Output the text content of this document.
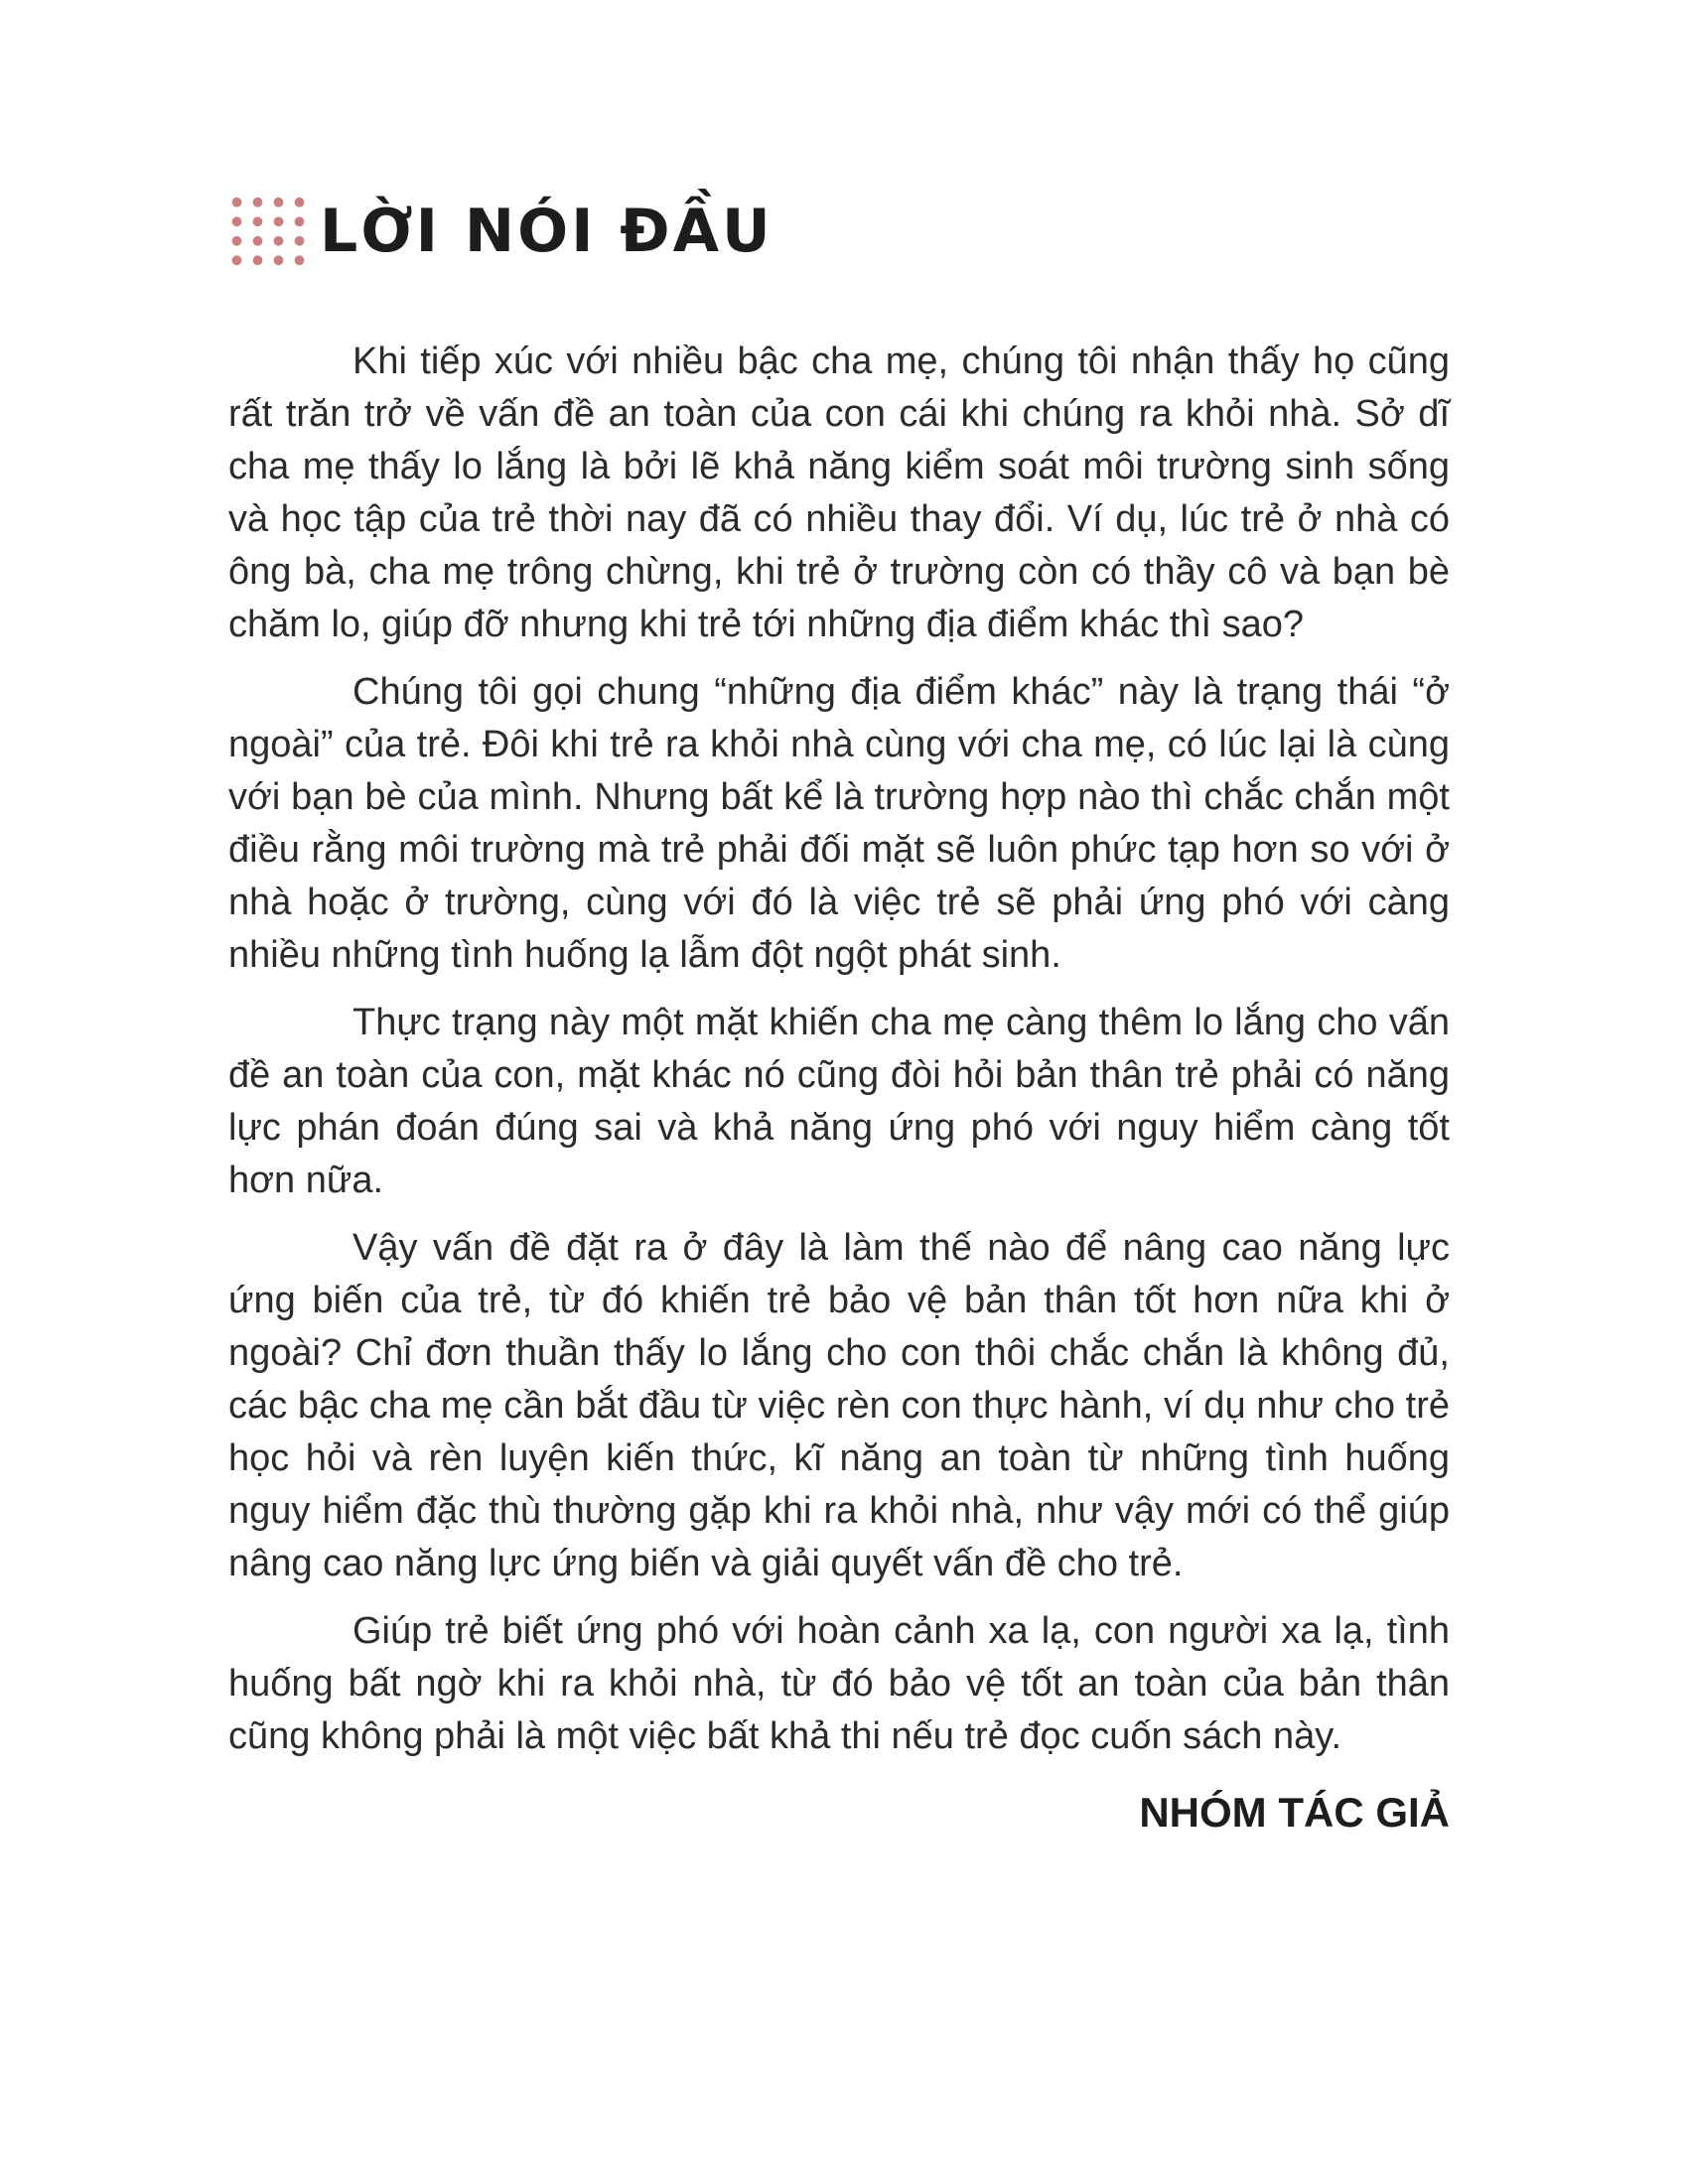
LỜI NÓI ĐẦU

Khi tiếp xúc với nhiều bậc cha mẹ, chúng tôi nhận thấy họ cũng rất trăn trở về vấn đề an toàn của con cái khi chúng ra khỏi nhà. Sở dĩ cha mẹ thấy lo lắng là bởi lẽ khả năng kiểm soát môi trường sinh sống và học tập của trẻ thời nay đã có nhiều thay đổi. Ví dụ, lúc trẻ ở nhà có ông bà, cha mẹ trông chừng, khi trẻ ở trường còn có thầy cô và bạn bè chăm lo, giúp đỡ nhưng khi trẻ tới những địa điểm khác thì sao?

Chúng tôi gọi chung “những địa điểm khác” này là trạng thái “ở ngoài” của trẻ. Đôi khi trẻ ra khỏi nhà cùng với cha mẹ, có lúc lại là cùng với bạn bè của mình. Nhưng bất kể là trường hợp nào thì chắc chắn một điều rằng môi trường mà trẻ phải đối mặt sẽ luôn phức tạp hơn so với ở nhà hoặc ở trường, cùng với đó là việc trẻ sẽ phải ứng phó với càng nhiều những tình huống lạ lẫm đột ngột phát sinh.

Thực trạng này một mặt khiến cha mẹ càng thêm lo lắng cho vấn đề an toàn của con, mặt khác nó cũng đòi hỏi bản thân trẻ phải có năng lực phán đoán đúng sai và khả năng ứng phó với nguy hiểm càng tốt hơn nữa.

Vậy vấn đề đặt ra ở đây là làm thế nào để nâng cao năng lực ứng biến của trẻ, từ đó khiến trẻ bảo vệ bản thân tốt hơn nữa khi ở ngoài? Chỉ đơn thuần thấy lo lắng cho con thôi chắc chắn là không đủ, các bậc cha mẹ cần bắt đầu từ việc rèn con thực hành, ví dụ như cho trẻ học hỏi và rèn luyện kiến thức, kĩ năng an toàn từ những tình huống nguy hiểm đặc thù thường gặp khi ra khỏi nhà, như vậy mới có thể giúp nâng cao năng lực ứng biến và giải quyết vấn đề cho trẻ.

Giúp trẻ biết ứng phó với hoàn cảnh xa lạ, con người xa lạ, tình huống bất ngờ khi ra khỏi nhà, từ đó bảo vệ tốt an toàn của bản thân cũng không phải là một việc bất khả thi nếu trẻ đọc cuốn sách này.

NHÓM TÁC GIẢ
